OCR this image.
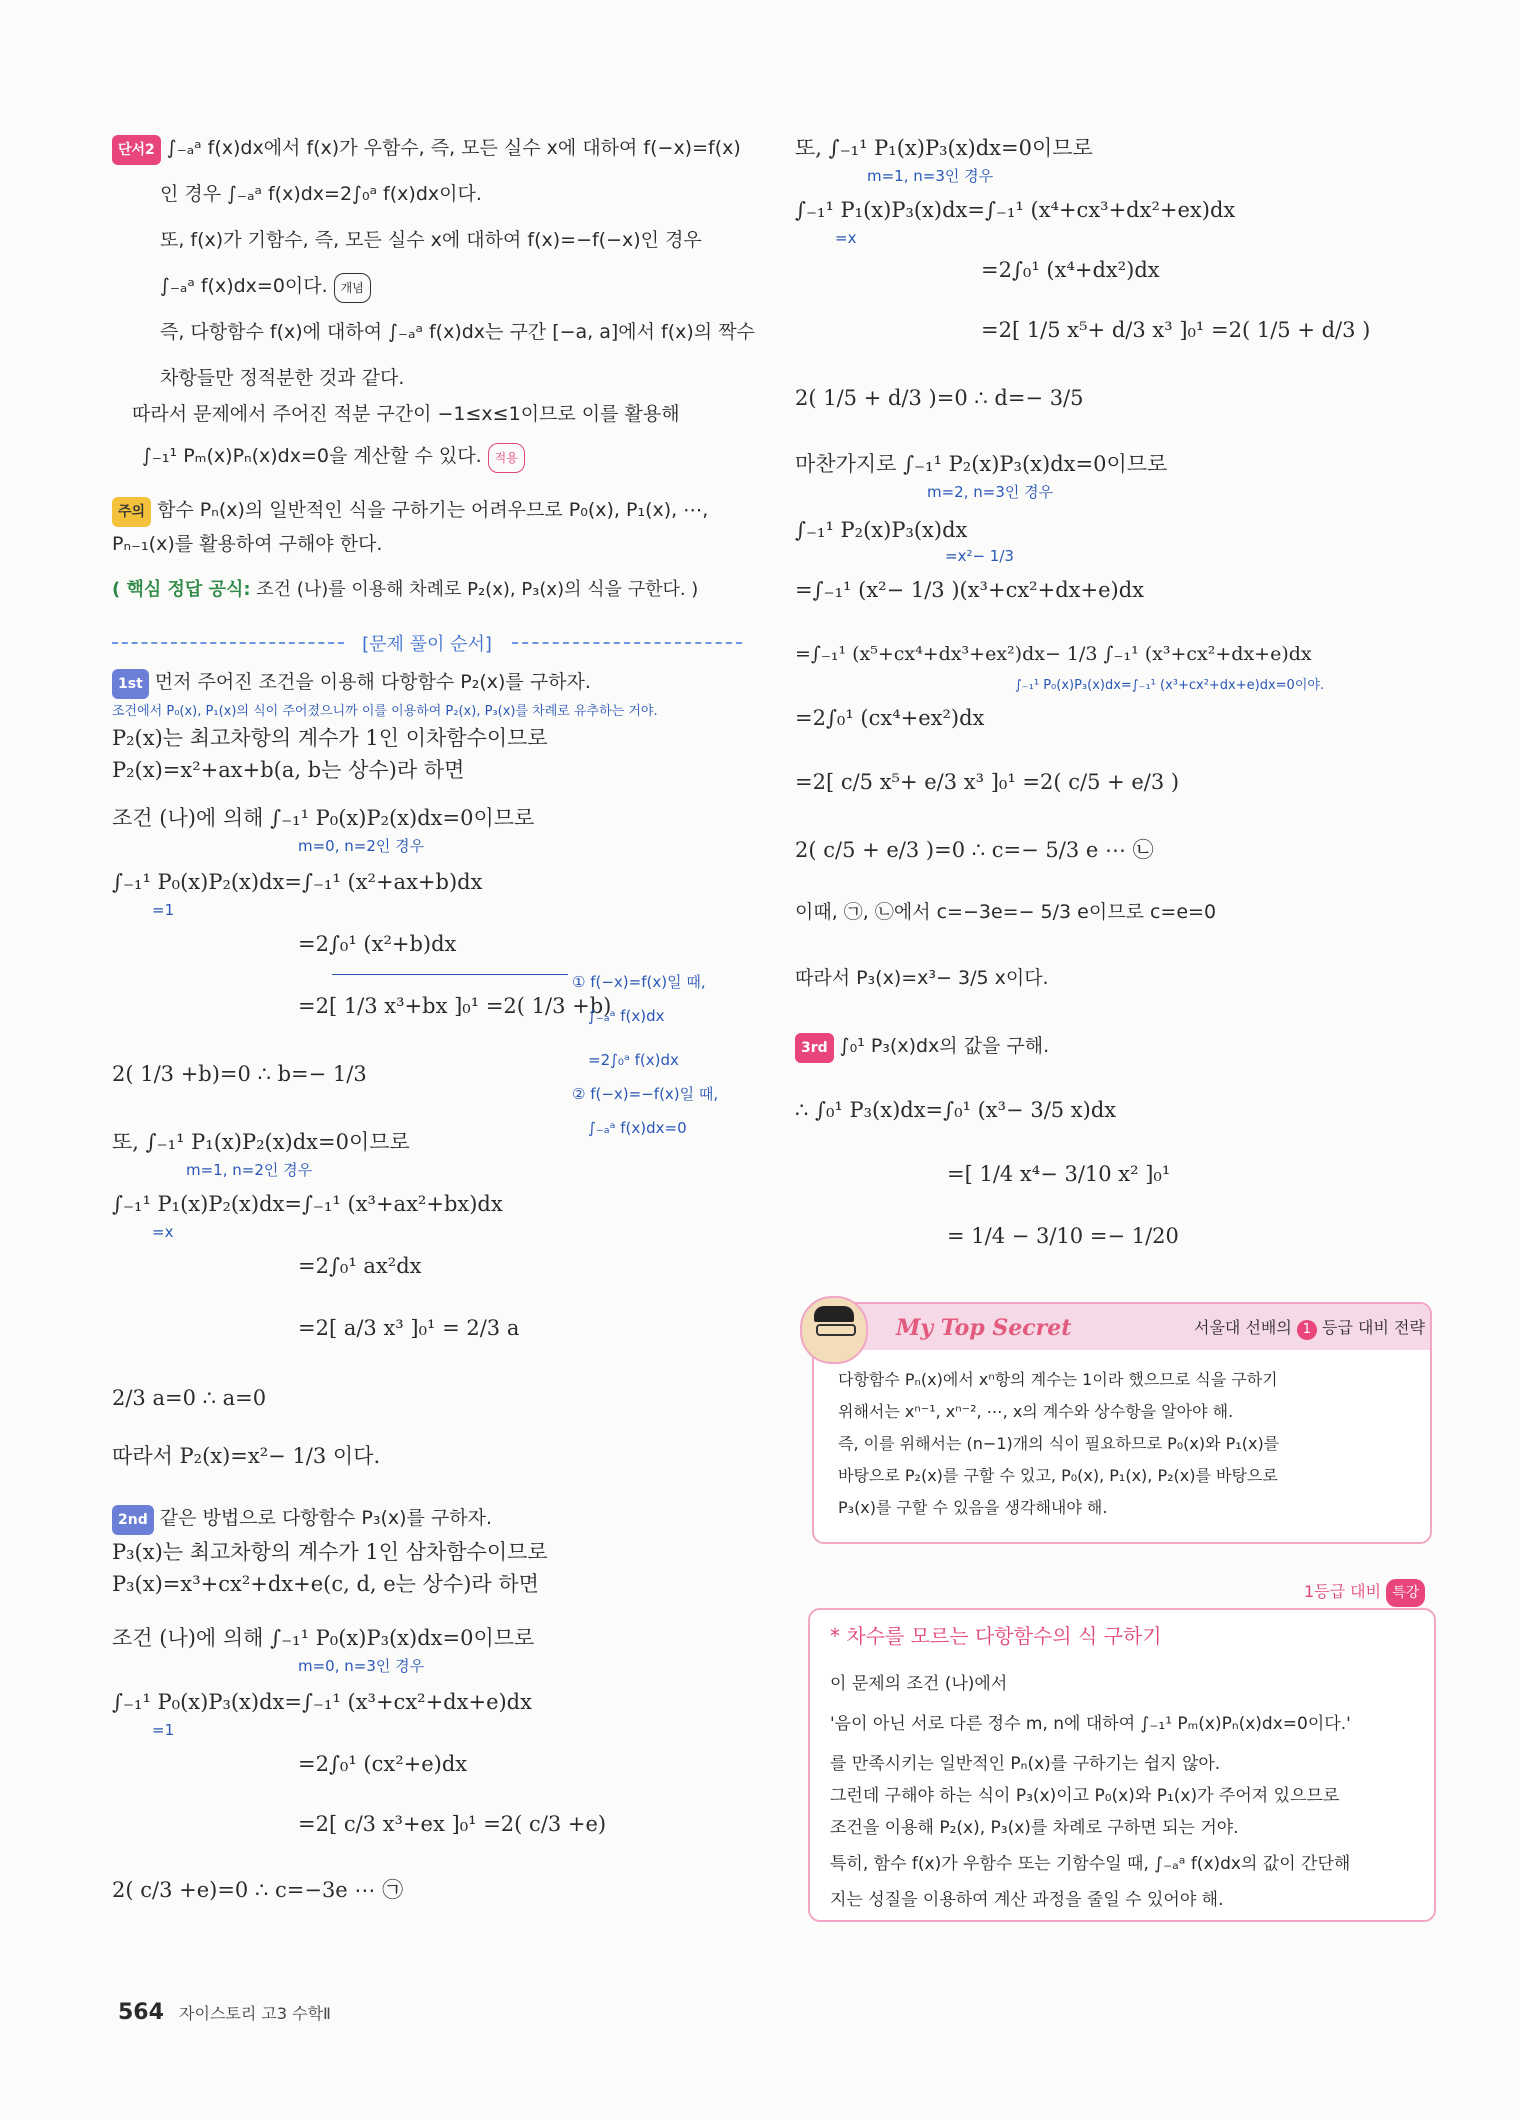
단서2 ∫₋ₐᵃ f(x)dx에서 f(x)가 우함수, 즉, 모든 실수 x에 대하여 f(−x)=f(x)
인 경우 ∫₋ₐᵃ f(x)dx=2∫₀ᵃ f(x)dx이다.
또, f(x)가 기함수, 즉, 모든 실수 x에 대하여 f(x)=−f(−x)인 경우
∫₋ₐᵃ f(x)dx=0이다. 개념
즉, 다항함수 f(x)에 대하여 ∫₋ₐᵃ f(x)dx는 구간 [−a, a]에서 f(x)의 짝수
차항들만 정적분한 것과 같다.
따라서 문제에서 주어진 적분 구간이 −1≤x≤1이므로 이를 활용해
∫₋₁¹ Pₘ(x)Pₙ(x)dx=0을 계산할 수 있다. 적용
주의 함수 Pₙ(x)의 일반적인 식을 구하기는 어려우므로 P₀(x), P₁(x), ⋯,
Pₙ₋₁(x)를 활용하여 구해야 한다.
( 핵심 정답 공식: 조건 (나)를 이용해 차례로 P₂(x), P₃(x)의 식을 구한다. )
[문제 풀이 순서]
1st 먼저 주어진 조건을 이용해 다항함수 P₂(x)를 구하자.
조건에서 P₀(x), P₁(x)의 식이 주어졌으니까 이를 이용하여 P₂(x), P₃(x)를 차례로 유추하는 거야.
P₂(x)는 최고차항의 계수가 1인 이차함수이므로
P₂(x)=x²+ax+b(a, b는 상수)라 하면
조건 (나)에 의해 ∫₋₁¹ P₀(x)P₂(x)dx=0이므로
m=0, n=2인 경우
∫₋₁¹ P₀(x)P₂(x)dx=∫₋₁¹ (x²+ax+b)dx
=1
=2∫₀¹ (x²+b)dx
=2[ 1/3 x³+bx ]₀¹ =2( 1/3 +b)
2( 1/3 +b)=0 ∴ b=− 1/3
또, ∫₋₁¹ P₁(x)P₂(x)dx=0이므로
m=1, n=2인 경우
∫₋₁¹ P₁(x)P₂(x)dx=∫₋₁¹ (x³+ax²+bx)dx
=x
=2∫₀¹ ax²dx
=2[ a/3 x³ ]₀¹ = 2/3 a
2/3 a=0 ∴ a=0
따라서 P₂(x)=x²− 1/3 이다.
① f(−x)=f(x)일 때,
∫₋ₐᵃ f(x)dx
=2∫₀ᵃ f(x)dx
② f(−x)=−f(x)일 때,
∫₋ₐᵃ f(x)dx=0
2nd 같은 방법으로 다항함수 P₃(x)를 구하자.
P₃(x)는 최고차항의 계수가 1인 삼차함수이므로
P₃(x)=x³+cx²+dx+e(c, d, e는 상수)라 하면
조건 (나)에 의해 ∫₋₁¹ P₀(x)P₃(x)dx=0이므로
m=0, n=3인 경우
∫₋₁¹ P₀(x)P₃(x)dx=∫₋₁¹ (x³+cx²+dx+e)dx
=1
=2∫₀¹ (cx²+e)dx
=2[ c/3 x³+ex ]₀¹ =2( c/3 +e)
2( c/3 +e)=0 ∴ c=−3e ⋯ ㉠
또, ∫₋₁¹ P₁(x)P₃(x)dx=0이므로
m=1, n=3인 경우
∫₋₁¹ P₁(x)P₃(x)dx=∫₋₁¹ (x⁴+cx³+dx²+ex)dx
=x
=2∫₀¹ (x⁴+dx²)dx
=2[ 1/5 x⁵+ d/3 x³ ]₀¹ =2( 1/5 + d/3 )
2( 1/5 + d/3 )=0 ∴ d=− 3/5
마찬가지로 ∫₋₁¹ P₂(x)P₃(x)dx=0이므로
m=2, n=3인 경우
∫₋₁¹ P₂(x)P₃(x)dx
=x²− 1/3
=∫₋₁¹ (x²− 1/3 )(x³+cx²+dx+e)dx
=∫₋₁¹ (x⁵+cx⁴+dx³+ex²)dx− 1/3 ∫₋₁¹ (x³+cx²+dx+e)dx
∫₋₁¹ P₀(x)P₃(x)dx=∫₋₁¹ (x³+cx²+dx+e)dx=0이야.
=2∫₀¹ (cx⁴+ex²)dx
=2[ c/5 x⁵+ e/3 x³ ]₀¹ =2( c/5 + e/3 )
2( c/5 + e/3 )=0 ∴ c=− 5/3 e ⋯ ㉡
이때, ㉠, ㉡에서 c=−3e=− 5/3 e이므로 c=e=0
따라서 P₃(x)=x³− 3/5 x이다.
3rd ∫₀¹ P₃(x)dx의 값을 구해.
∴ ∫₀¹ P₃(x)dx=∫₀¹ (x³− 3/5 x)dx
=[ 1/4 x⁴− 3/10 x² ]₀¹
= 1/4 − 3/10 =− 1/20
My Top Secret	서울대 선배의 1 등급 대비 전략
다항함수 Pₙ(x)에서 xⁿ항의 계수는 1이라 했으므로 식을 구하기
위해서는 xⁿ⁻¹, xⁿ⁻², ⋯, x의 계수와 상수항을 알아야 해.
즉, 이를 위해서는 (n−1)개의 식이 필요하므로 P₀(x)와 P₁(x)를
바탕으로 P₂(x)를 구할 수 있고, P₀(x), P₁(x), P₂(x)를 바탕으로
P₃(x)를 구할 수 있음을 생각해내야 해.
1등급 대비 특강
* 차수를 모르는 다항함수의 식 구하기
이 문제의 조건 (나)에서
'음이 아닌 서로 다른 정수 m, n에 대하여 ∫₋₁¹ Pₘ(x)Pₙ(x)dx=0이다.'
를 만족시키는 일반적인 Pₙ(x)를 구하기는 쉽지 않아.
그런데 구해야 하는 식이 P₃(x)이고 P₀(x)와 P₁(x)가 주어져 있으므로
조건을 이용해 P₂(x), P₃(x)를 차례로 구하면 되는 거야.
특히, 함수 f(x)가 우함수 또는 기함수일 때, ∫₋ₐᵃ f(x)dx의 값이 간단해
지는 성질을 이용하여 계산 과정을 줄일 수 있어야 해.
564 자이스토리 고3 수학Ⅱ
